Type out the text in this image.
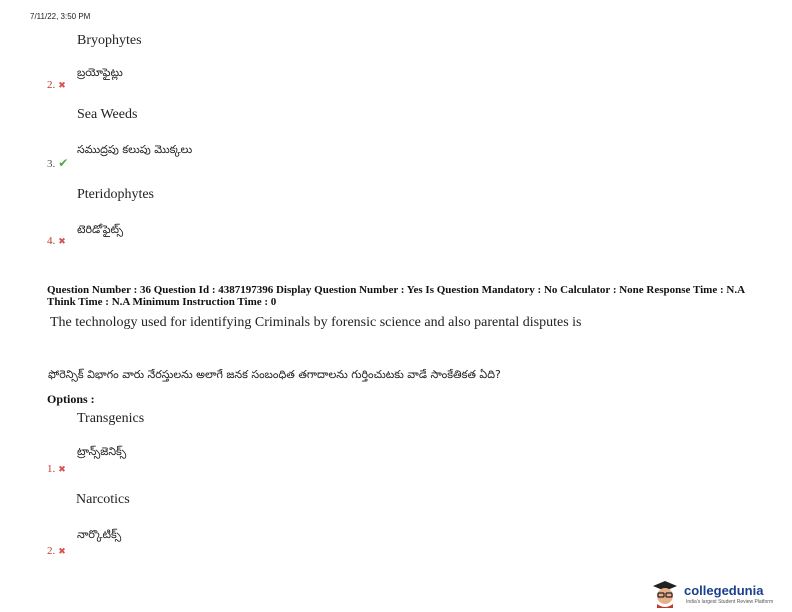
7/11/22, 3:50 PM
Bryophytes
2. ✖
బ్రయోఫైట్లు
Sea Weeds
సముద్రపు కలుపు మొక్కలు
3. ✔
Pteridophytes
టెరిడోఫైట్స్
4. ✖
Question Number : 36 Question Id : 4387197396 Display Question Number : Yes Is Question Mandatory : No Calculator : None Response Time : N.A Think Time : N.A Minimum Instruction Time : 0
The technology used for identifying Criminals by forensic science and also parental disputes is
ఫోరెన్సిక్ విభాగం వారు నేరస్తులను అలాగే జనక సంబంధిత తగాదాలను గుర్తించుటకు వాడే సాంకేతికత ఏది?
Options :
Transgenics
ట్రాన్స్‌జెనిక్స్
1. ✖
Narcotics
నార్కొటిక్స్
2. ✖
collegedunia
India's largest Student Review Platform
